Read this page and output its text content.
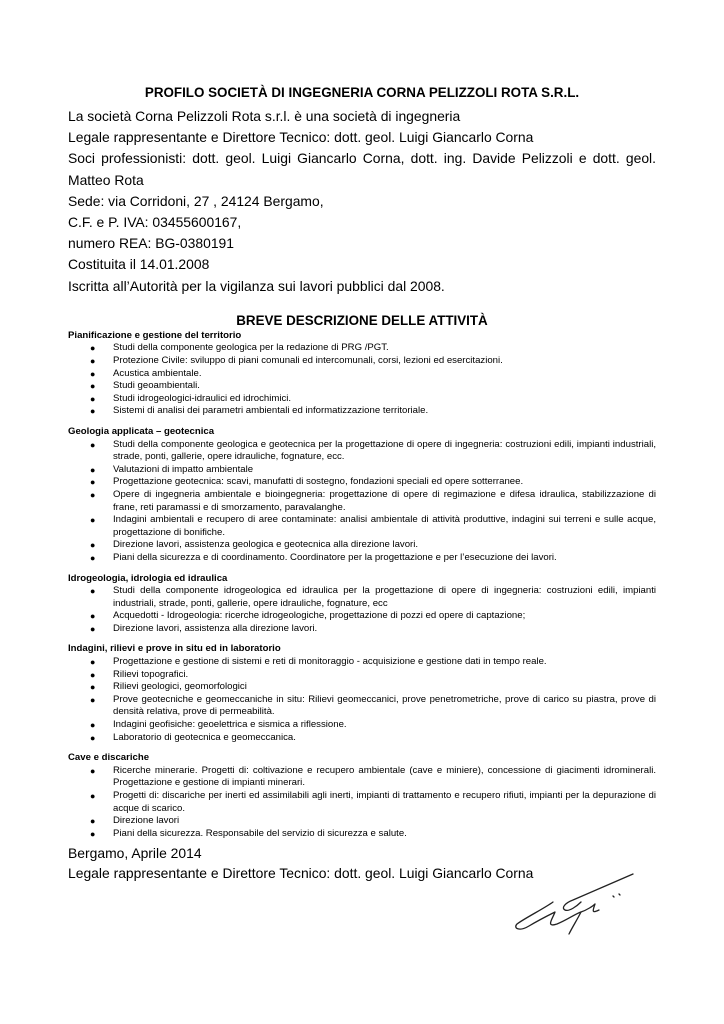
PROFILO SOCIETÀ DI INGEGNERIA CORNA PELIZZOLI ROTA S.R.L.

La società Corna Pelizzoli Rota s.r.l. è una società di ingegneria

Legale rappresentante e Direttore Tecnico: dott. geol. Luigi Giancarlo Corna

Soci professionisti: dott. geol. Luigi Giancarlo Corna, dott. ing. Davide Pelizzoli e dott. geol. Matteo Rota

Sede: via Corridoni, 27 , 24124 Bergamo,

C.F. e P. IVA: 03455600167,

numero REA: BG-0380191

Costituita il 14.01.2008

Iscritta all’Autorità per la vigilanza sui lavori pubblici dal 2008.

BREVE DESCRIZIONE DELLE ATTIVITÀ
Pianificazione e gestione del territorio
● Studi della componente geologica per la redazione di PRG /PGT.
● Protezione Civile: sviluppo di piani comunali ed intercomunali, corsi, lezioni ed esercitazioni.
● Acustica ambientale.
● Studi geoambientali.
● Studi idrogeologici-idraulici ed idrochimici.
● Sistemi di analisi dei parametri ambientali ed informatizzazione territoriale.
Geologia applicata – geotecnica
● Studi della componente geologica e geotecnica per la progettazione di opere di ingegneria: costruzioni edili, impianti industriali, strade, ponti, gallerie, opere idrauliche, fognature, ecc.
● Valutazioni di impatto ambientale
● Progettazione geotecnica: scavi, manufatti di sostegno, fondazioni speciali ed opere sotterranee.
● Opere di ingegneria ambientale e bioingegneria: progettazione di opere di regimazione e difesa idraulica, stabilizzazione di frane, reti paramassi e di smorzamento, paravalanghe.
● Indagini ambientali e recupero di aree contaminate: analisi ambientale di attività produttive, indagini sui terreni e sulle acque, progettazione di bonifiche.
● Direzione lavori, assistenza geologica e geotecnica alla direzione lavori.
● Piani della sicurezza e di coordinamento. Coordinatore per la progettazione e per l’esecuzione dei lavori.
Idrogeologia, idrologia ed idraulica
● Studi della componente idrogeologica ed idraulica per la progettazione di opere di ingegneria: costruzioni edili, impianti industriali, strade, ponti, gallerie, opere idrauliche, fognature, ecc
● Acquedotti - Idrogeologia: ricerche idrogeologiche, progettazione di pozzi ed opere di captazione;
● Direzione lavori, assistenza alla direzione lavori.
Indagini, rilievi e prove in situ ed in laboratorio
● Progettazione e gestione di sistemi e reti di monitoraggio - acquisizione e gestione dati in tempo reale.
● Rilievi topografici.
● Rilievi geologici, geomorfologici
● Prove geotecniche e geomeccaniche in situ: Rilievi geomeccanici, prove penetrometriche, prove di carico su piastra, prove di densità relativa, prove di permeabilità.
● Indagini geofisiche: geoelettrica e sismica a riflessione.
● Laboratorio di geotecnica e geomeccanica.
Cave e discariche
● Ricerche minerarie. Progetti di: coltivazione e recupero ambientale (cave e miniere), concessione di giacimenti idrominerali. Progettazione e gestione di impianti minerari.
● Progetti di: discariche per inerti ed assimilabili agli inerti, impianti di trattamento e recupero rifiuti, impianti per la depurazione di acque di scarico.
● Direzione lavori
● Piani della sicurezza. Responsabile del servizio di sicurezza e salute.

Bergamo, Aprile 2014

Legale rappresentante e Direttore Tecnico: dott. geol. Luigi Giancarlo Corna
